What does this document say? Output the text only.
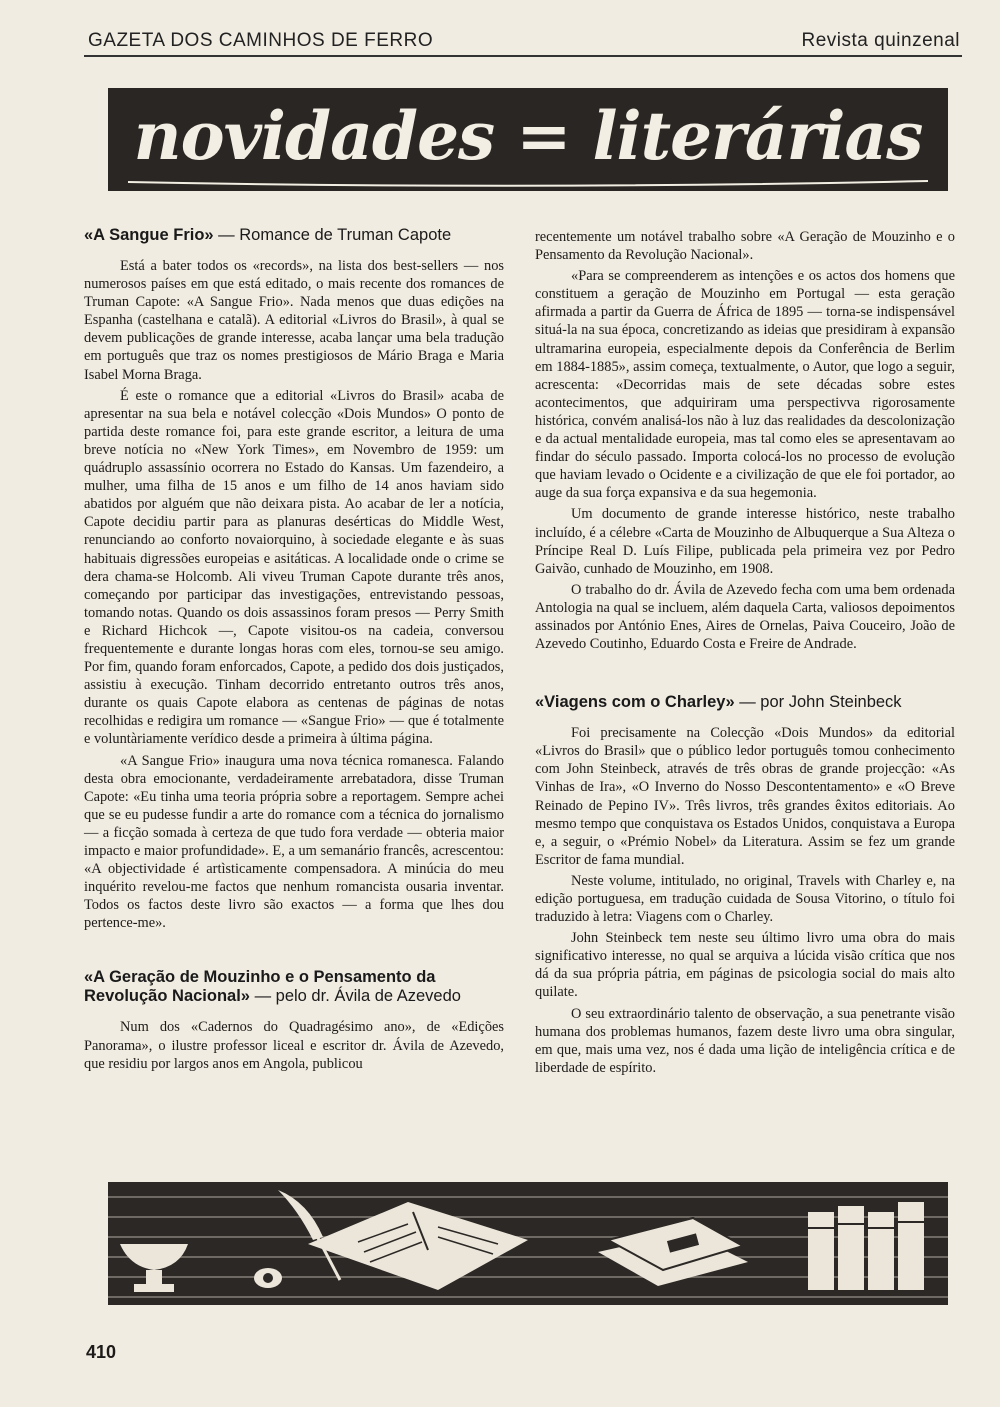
GAZETA DOS CAMINHOS DE FERRO	Revista quinzenal
novidades = literárias
«A Sangue Frio» — Romance de Truman Capote

Está a bater todos os «records», na lista dos best-sellers — nos numerosos países em que está editado, o mais recente dos romances de Truman Capote: «A Sangue Frio». Nada menos que duas edições na Espanha (castelhana e catalã). A editorial «Livros do Brasil», à qual se devem publicações de grande interesse, acaba lançar uma bela tradução em português que traz os nomes prestigiosos de Mário Braga e Maria Isabel Morna Braga.

É este o romance que a editorial «Livros do Brasil» acaba de apresentar na sua bela e notável colecção «Dois Mundos» O ponto de partida deste romance foi, para este grande escritor, a leitura de uma breve notícia no «New York Times», em Novembro de 1959: um quádruplo assassínio ocorrera no Estado do Kansas. Um fazendeiro, a mulher, uma filha de 15 anos e um filho de 14 anos haviam sido abatidos por alguém que não deixara pista. Ao acabar de ler a notícia, Capote decidiu partir para as planuras desérticas do Middle West, renunciando ao conforto novaiorquino, à sociedade elegante e às suas habituais digressões europeias e asitáticas. A localidade onde o crime se dera chama-se Holcomb. Ali viveu Truman Capote durante três anos, começando por participar das investigações, entrevistando pessoas, tomando notas. Quando os dois assassinos foram presos — Perry Smith e Richard Hichcok —, Capote visitou-os na cadeia, conversou frequentemente e durante longas horas com eles, tornou-se seu amigo. Por fim, quando foram enforcados, Capote, a pedido dos dois justiçados, assistiu à execução. Tinham decorrido entretanto outros três anos, durante os quais Capote elabora as centenas de páginas de notas recolhidas e redigira um romance — «Sangue Frio» — que é totalmente e voluntàriamente verídico desde a primeira à última página.

«A Sangue Frio» inaugura uma nova técnica romanesca. Falando desta obra emocionante, verdadeiramente arrebatadora, disse Truman Capote: «Eu tinha uma teoria própria sobre a reportagem. Sempre achei que se eu pudesse fundir a arte do romance com a técnica do jornalismo — a ficção somada à certeza de que tudo fora verdade — obteria maior impacto e maior profundidade». E, a um semanário francês, acrescentou: «A objectividade é artìsticamente compensadora. A minúcia do meu inquérito revelou-me factos que nenhum romancista ousaria inventar. Todos os factos deste livro são exactos — a forma que lhes dou pertence-me».

«A Geração de Mouzinho e o Pensamento da Revolução Nacional» — pelo dr. Ávila de Azevedo

Num dos «Cadernos do Quadragésimo ano», de «Edições Panorama», o ilustre professor liceal e escritor dr. Ávila de Azevedo, que residiu por largos anos em Angola, publicou

recentemente um notável trabalho sobre «A Geração de Mouzinho e o Pensamento da Revolução Nacional».

«Para se compreenderem as intenções e os actos dos homens que constituem a geração de Mouzinho em Portugal — esta geração afirmada a partir da Guerra de África de 1895 — torna-se indispensável situá-la na sua época, concretizando as ideias que presidiram à expansão ultramarina europeia, especialmente depois da Conferência de Berlim em 1884-1885», assim começa, textualmente, o Autor, que logo a seguir, acrescenta: «Decorridas mais de sete décadas sobre estes acontecimentos, que adquiriram uma perspectivva rigorosamente histórica, convém analisá-los não à luz das realidades da descolonização e da actual mentalidade europeia, mas tal como eles se apresentavam ao findar do século passado. Importa colocá-los no processo de evolução que haviam levado o Ocidente e a civilização de que ele foi portador, ao auge da sua força expansiva e da sua hegemonia.

Um documento de grande interesse histórico, neste trabalho incluído, é a célebre «Carta de Mouzinho de Albuquerque a Sua Alteza o Príncipe Real D. Luís Filipe, publicada pela primeira vez por Pedro Gaivão, cunhado de Mouzinho, em 1908.

O trabalho do dr. Ávila de Azevedo fecha com uma bem ordenada Antologia na qual se incluem, além daquela Carta, valiosos depoimentos assinados por António Enes, Aires de Ornelas, Paiva Couceiro, João de Azevedo Coutinho, Eduardo Costa e Freire de Andrade.

«Viagens com o Charley» — por John Steinbeck

Foi precisamente na Colecção «Dois Mundos» da editorial «Livros do Brasil» que o público ledor português tomou conhecimento com John Steinbeck, através de três obras de grande projecção: «As Vinhas de Ira», «O Inverno do Nosso Descontentamento» e «O Breve Reinado de Pepino IV». Três livros, três grandes êxitos editoriais. Ao mesmo tempo que conquistava os Estados Unidos, conquistava a Europa e, a seguir, o «Prémio Nobel» da Literatura. Assim se fez um grande Escritor de fama mundial.

Neste volume, intitulado, no original, Travels with Charley e, na edição portuguesa, em tradução cuidada de Sousa Vitorino, o título foi traduzido à letra: Viagens com o Charley.

John Steinbeck tem neste seu último livro uma obra do mais significativo interesse, no qual se arquiva a lúcida visão crítica que nos dá da sua própria pátria, em páginas de psicologia social do mais alto quilate.

O seu extraordinário talento de observação, a sua penetrante visão humana dos problemas humanos, fazem deste livro uma obra singular, em que, mais uma vez, nos é dada uma lição de inteligência crítica e de liberdade de espírito.

410
